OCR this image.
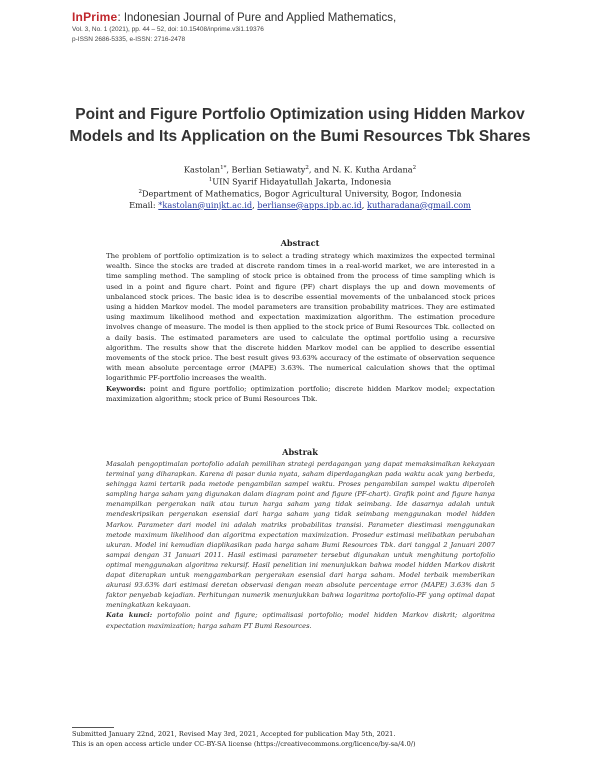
InPrime: Indonesian Journal of Pure and Applied Mathematics,
Vol. 3, No. 1 (2021), pp. 44 – 52, doi: 10.15408/inprime.v3i1.19376
p-ISSN 2686-5335, e-ISSN: 2716-2478
Point and Figure Portfolio Optimization using Hidden Markov
Models and Its Application on the Bumi Resources Tbk Shares
Kastolan$^{1*}$, Berlian Setiawaty$^2$, and N. K. Kutha Ardana$^2$
$^1$UIN Syarif Hidayatullah Jakarta, Indonesia
$^2$Department of Mathematics, Bogor Agricultural University, Bogor, Indonesia
Email: *kastolan@uinjkt.ac.id, berlianse@apps.ipb.ac.id, kutharadana@gmail.com
Abstract
The problem of portfolio optimization is to select a trading strategy which maximizes the expected terminal wealth. Since the stocks are traded at discrete random times in a real-world market, we are interested in a time sampling method. The sampling of stock price is obtained from the process of time sampling which is used in a point and figure chart. Point and figure (PF) chart displays the up and down movements of unbalanced stock prices. The basic idea is to describe essential movements of the unbalanced stock prices using a hidden Markov model. The model parameters are transition probability matrices. They are estimated using maximum likelihood method and expectation maximization algorithm. The estimation procedure involves change of measure. The model is then applied to the stock price of Bumi Resources Tbk. collected on a daily basis. The estimated parameters are used to calculate the optimal portfolio using a recursive algorithm. The results show that the discrete hidden Markov model can be applied to describe essential movements of the stock price. The best result gives 93.63% accuracy of the estimate of observation sequence with mean absolute percentage error (MAPE) 3.63%. The numerical calculation shows that the optimal logarithmic PF-portfolio increases the wealth.
Keywords: point and figure portfolio; optimization portfolio; discrete hidden Markov model; expectation maximization algorithm; stock price of Bumi Resources Tbk.
Abstrak
Masalah pengoptimalan portofolio adalah pemilihan strategi perdagangan yang dapat memaksimalkan kekayaan terminal yang diharapkan. Karena di pasar dunia nyata, saham diperdagangkan pada waktu acak yang berbeda, sehingga kami tertarik pada metode pengambilan sampel waktu. Proses pengambilan sampel waktu diperoleh sampling harga saham yang digunakan dalam diagram point and figure (PF-chart). Grafik point and figure hanya menampilkan pergerakan naik atau turun harga saham yang tidak seimbang. Ide dasarnya adalah untuk mendeskripsikan pergerakan esensial dari harga saham yang tidak seimbang menggunakan model hidden Markov. Parameter dari model ini adalah matriks probabilitas transisi. Parameter diestimasi menggunakan metode maximum likelihood dan algoritma expectation maximization. Prosedur estimasi melibatkan perubahan ukuran. Model ini kemudian diaplikasikan pada harga saham Bumi Resources Tbk. dari tanggal 2 Januari 2007 sampai dengan 31 Januari 2011. Hasil estimasi parameter tersebut digunakan untuk menghitung portofolio optimal menggunakan algoritma rekursif. Hasil penelitian ini menunjukkan bahwa model hidden Markov diskrit dapat diterapkan untuk menggambarkan pergerakan esensial dari harga saham. Model terbaik memberikan akurasi 93.63% dari estimasi deretan observasi dengan mean absolute percentage error (MAPE) 3.63% dan 5 faktor penyebab kejadian. Perhitungan numerik menunjukkan bahwa logaritma portofolio-PF yang optimal dapat meningkatkan kekayaan.
Kata kunci: portofolio point and figure; optimalisasi portofolio; model hidden Markov diskrit; algoritma expectation maximization; harga saham PT Bumi Resources.
Submitted January 22nd, 2021, Revised May 3rd, 2021, Accepted for publication May 5th, 2021.
This is an open access article under CC-BY-SA license (https://creativecommons.org/licence/by-sa/4.0/)
